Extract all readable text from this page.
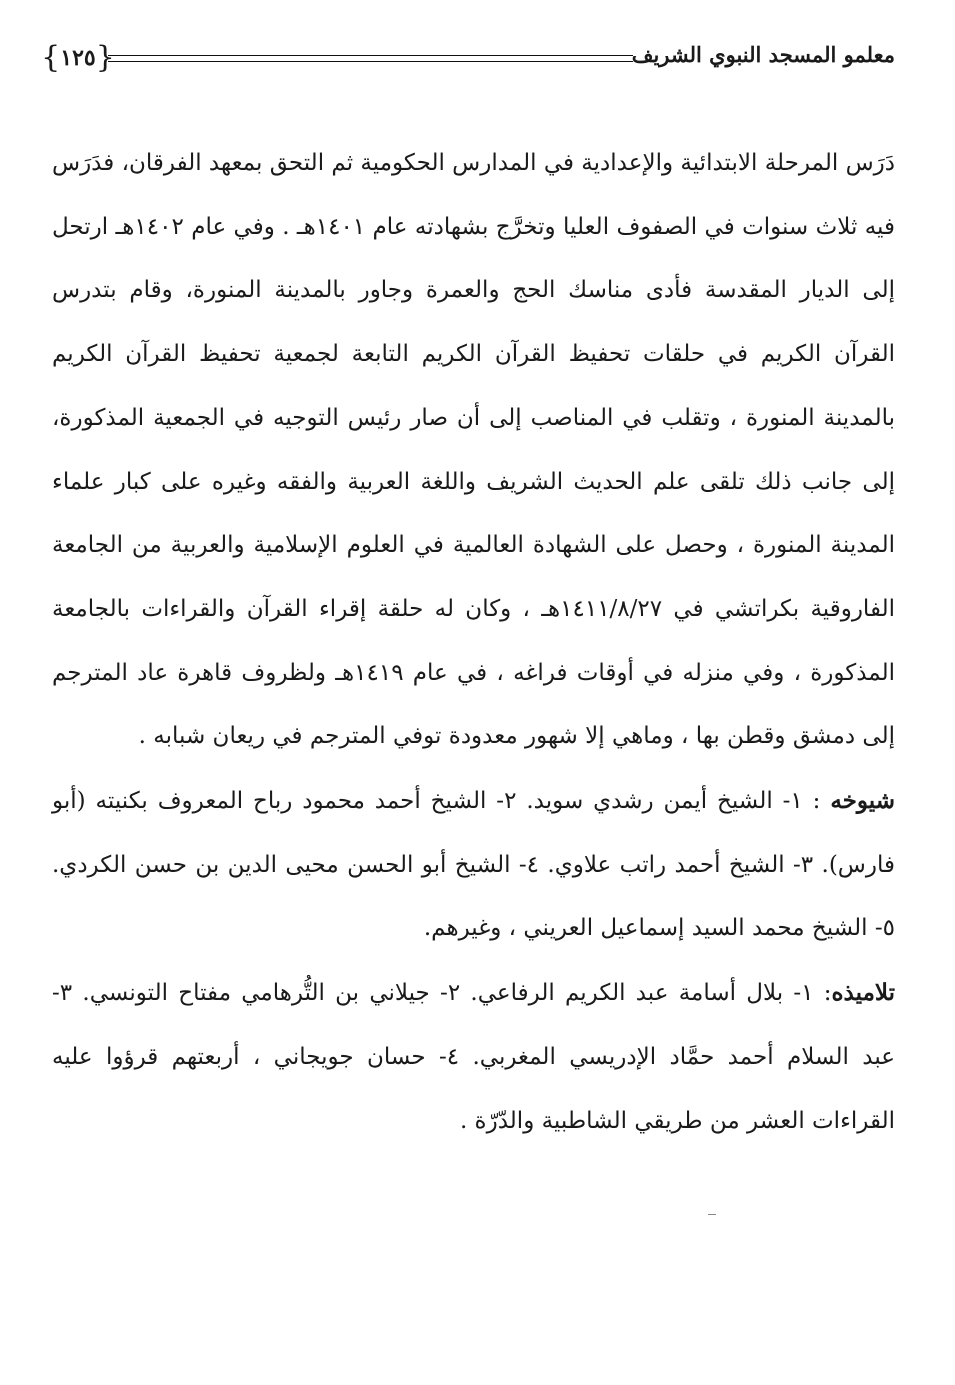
معلمو المسجد النبوي الشريف
{
١٢٥
}

دَرَس المرحلة الابتدائية والإعدادية في المدارس الحكومية ثم التحق بمعهد الفرقان، فدَرَس فيه ثلاث سنوات في الصفوف العليا وتخرَّج بشهادته عام ١٤٠١هـ . وفي عام ١٤٠٢هـ ارتحل إلى الديار المقدسة فأدى مناسك الحج والعمرة وجاور بالمدينة المنورة، وقام بتدرس القرآن الكريم في حلقات تحفيظ القرآن الكريم التابعة لجمعية تحفيظ القرآن الكريم بالمدينة المنورة ، وتقلب في المناصب إلى أن صار رئيس التوجيه في الجمعية المذكورة، إلى جانب ذلك تلقى علم الحديث الشريف واللغة العربية والفقه وغيره على كبار علماء المدينة المنورة ، وحصل على الشهادة العالمية في العلوم الإسلامية والعربية من الجامعة الفاروقية بكراتشي في ١٤١١/٨/٢٧هـ ، وكان له حلقة إقراء القرآن والقراءات بالجامعة المذكورة ، وفي منزله في أوقات فراغه ، في عام ١٤١٩هـ ولظروف قاهرة عاد المترجم إلى دمشق وقطن بها ، وماهي إلا شهور معدودة توفي المترجم في ريعان شبابه .

شيوخه : ١- الشيخ أيمن رشدي سويد. ٢- الشيخ أحمد محمود رباح المعروف بكنيته (أبو فارس). ٣- الشيخ أحمد راتب علاوي. ٤- الشيخ أبو الحسن محيى الدين بن حسن الكردي. ٥- الشيخ محمد السيد إسماعيل العريني ، وغيرهم.

تلاميذه: ١- بلال أسامة عبد الكريم الرفاعي. ٢- جيلاني بن التُّرهامي مفتاح التونسي. ٣- عبد السلام أحمد حمَّاد الإدريسي المغربي. ٤- حسان جويجاني ، أربعتهم قرؤوا عليه القراءات العشر من طريقي الشاطبية والدّرّة .
